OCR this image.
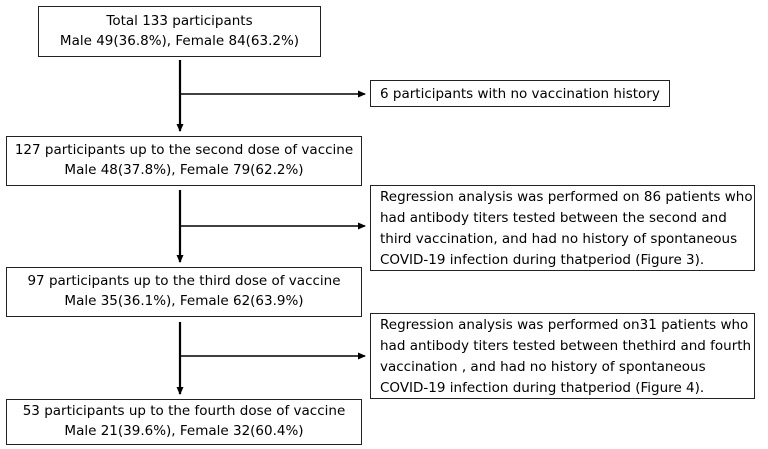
Total 133 participants
Male 49(36.8%), Female 84(63.2%)
6 participants with no vaccination history
127 participants up to the second dose of vaccine
Male 48(37.8%), Female 79(62.2%)
Regression analysis was performed on 86 patients who
had antibody titers tested between the second and
third vaccination, and had no history of spontaneous
COVID-19 infection during thatperiod (Figure 3).
97 participants up to the third dose of vaccine
Male 35(36.1%), Female 62(63.9%)
Regression analysis was performed on31 patients who
had antibody titers tested between thethird and fourth
vaccination , and had no history of spontaneous
COVID-19 infection during thatperiod (Figure 4).
53 participants up to the fourth dose of vaccine
Male 21(39.6%), Female 32(60.4%)
